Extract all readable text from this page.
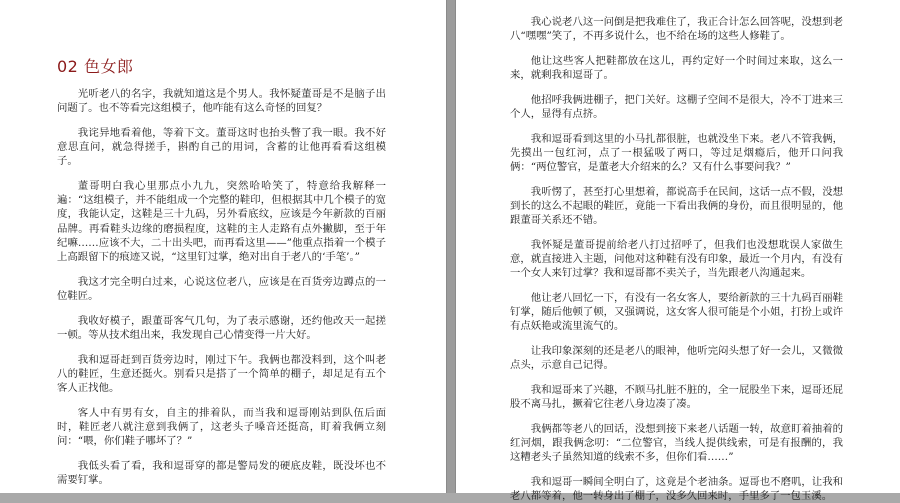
02 色女郎

光听老八的名字，我就知道这是个男人。我怀疑董哥是不是脑子出问题了。也不等看完这组模子，他咋能有这么奇怪的回复？

我诧异地看着他，等着下文。董哥这时也抬头瞥了我一眼。我不好意思直问，就急得搓手，斟酌自己的用词，含蓄的让他再看看这组模子。

董哥明白我心里那点小九九，突然哈哈笑了，特意给我解释一遍：“这组模子，并不能组成一个完整的鞋印，但根据其中几个模子的宽度，我能认定，这鞋是三十九码，另外看底纹，应该是今年新款的百丽品牌。再看鞋头边缘的磨损程度，这鞋的主人走路有点外撇脚，至于年纪嘛……应该不大，二十出头吧，而再看这里——”他重点指着一个模子上高跟留下的痕迹又说，“这里钉过掌，绝对出自于老八的‘手笔’。”

我这才完全明白过来，心说这位老八，应该是在百货旁边蹲点的一位鞋匠。

我收好模子，跟董哥客气几句，为了表示感谢，还约他改天一起搓一顿。等从技术组出来，我发现自己心情变得一片大好。

我和逗哥赶到百货旁边时，刚过下午。我俩也都没料到，这个叫老八的鞋匠，生意还挺火。别看只是搭了一个简单的棚子，却足足有五个客人正找他。

客人中有男有女，自主的排着队，而当我和逗哥刚站到队伍后面时，鞋匠老八就注意到我俩了，这老头子嗓音还挺高，盯着我俩立刻问：“喂，你们鞋子哪坏了？”

我低头看了看，我和逗哥穿的都是警局发的硬底皮鞋，既没坏也不需要钉掌。

我心说老八这一问倒是把我难住了，我正合计怎么回答呢，没想到老八“嘿嘿”笑了，不再多说什么，也不给在场的这些人修鞋了。

他让这些客人把鞋都放在这儿，再约定好一个时间过来取，这么一来，就剩我和逗哥了。

他招呼我俩进棚子，把门关好。这棚子空间不是很大，冷不丁进来三个人，显得有点挤。

我和逗哥看到这里的小马扎都很脏，也就没坐下来。老八不管我俩，先摸出一包红河，点了一根猛吸了两口，等过足烟瘾后，他开口问我俩：“两位警官，是董老大介绍来的么？又有什么事要问我？”

我听愣了，甚至打心里想着，都说高手在民间，这话一点不假，没想到长的这么不起眼的鞋匠，竟能一下看出我俩的身份，而且很明显的，他跟董哥关系还不错。

我怀疑是董哥提前给老八打过招呼了，但我们也没想耽误人家做生意，就直接进入主题，问他对这种鞋有没有印象，最近一个月内，有没有一个女人来钉过掌？我和逗哥都不卖关子，当先跟老八沟通起来。

他让老八回忆一下，有没有一名女客人，要给新款的三十九码百丽鞋钉掌，随后他顿了顿，又强调说，这女客人很可能是个小姐，打扮上或许有点妖艳或流里流气的。

让我印象深刻的还是老八的眼神，他听完闷头想了好一会儿，又微微点头，示意自己记得。

我和逗哥来了兴趣，不顾马扎脏不脏的，全一屁股坐下来，逗哥还屁股不离马扎，撅着它往老八身边凑了凑。

我俩都等老八的回话，没想到接下来老八话题一转，故意盯着抽着的红河烟，跟我俩念叨：“二位警官，当线人提供线索，可是有报酬的，我这糟老头子虽然知道的线索不多，但你们看……”

我和逗哥一瞬间全明白了，这竟是个老油条。逗哥也不磨叽，让我和老八都等着，他一转身出了棚子，没多久回来时，手里多了一包玉溪。
